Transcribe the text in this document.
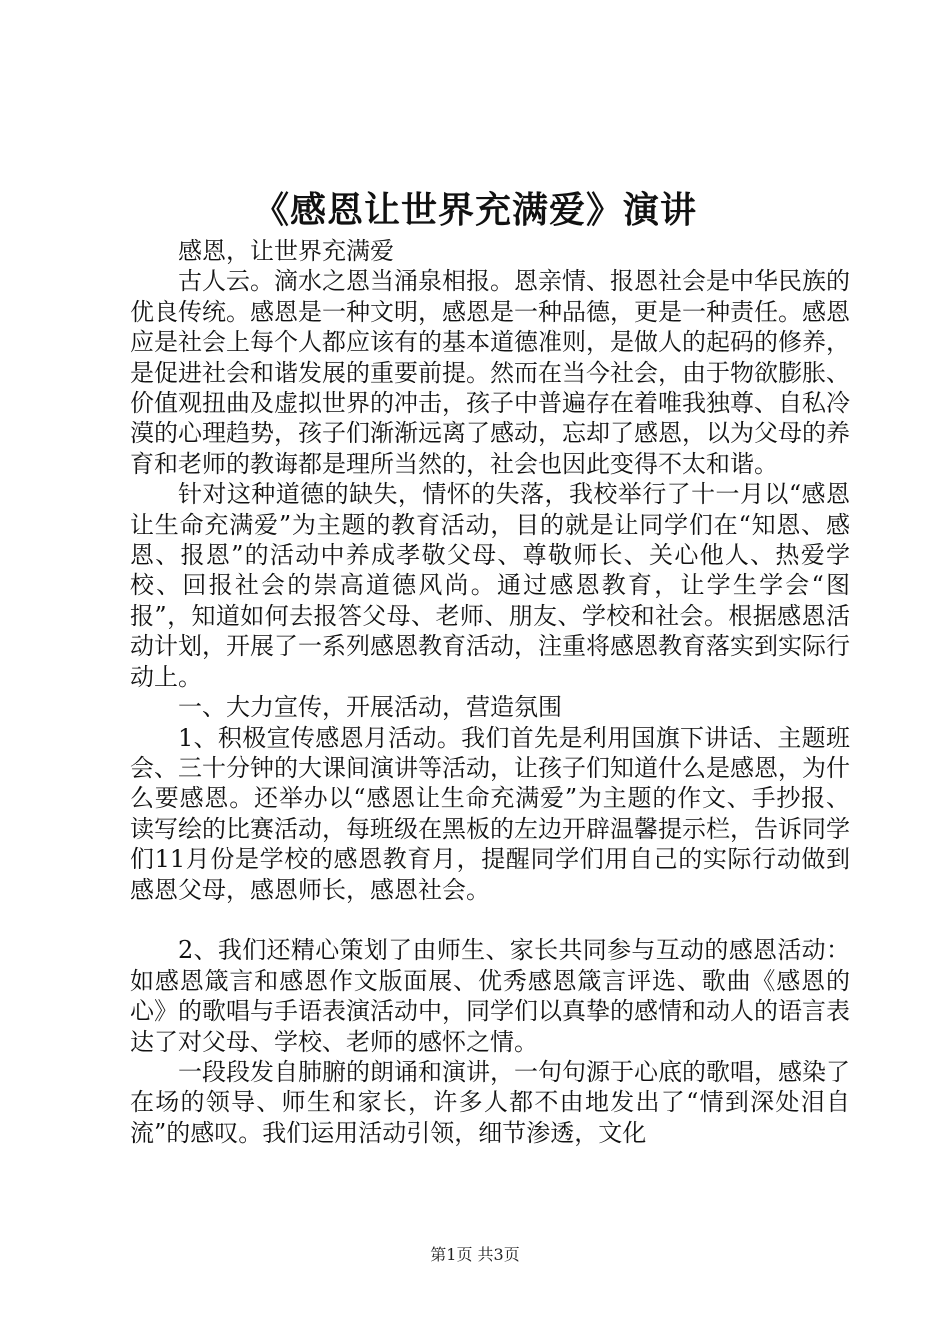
《感恩让世界充满爱》演讲

感恩，让世界充满爱

古人云。滴水之恩当涌泉相报。恩亲情、报恩社会是中华民族的优良传统。感恩是一种文明，感恩是一种品德，更是一种责任。感恩应是社会上每个人都应该有的基本道德准则，是做人的起码的修养，是促进社会和谐发展的重要前提。然而在当今社会，由于物欲膨胀、价值观扭曲及虚拟世界的冲击，孩子中普遍存在着唯我独尊、自私冷漠的心理趋势，孩子们渐渐远离了感动，忘却了感恩，以为父母的养育和老师的教诲都是理所当然的，社会也因此变得不太和谐。

针对这种道德的缺失，情怀的失落，我校举行了十一月以“感恩让生命充满爱”为主题的教育活动，目的就是让同学们在“知恩、感恩、报恩”的活动中养成孝敬父母、尊敬师长、关心他人、热爱学校、回报社会的崇高道德风尚。通过感恩教育，让学生学会“图报”，知道如何去报答父母、老师、朋友、学校和社会。根据感恩活动计划，开展了一系列感恩教育活动，注重将感恩教育落实到实际行动上。

一、大力宣传，开展活动，营造氛围

1、积极宣传感恩月活动。我们首先是利用国旗下讲话、主题班会、三十分钟的大课间演讲等活动，让孩子们知道什么是感恩，为什么要感恩。还举办以“感恩让生命充满爱”为主题的作文、手抄报、读写绘的比赛活动，每班级在黑板的左边开辟温馨提示栏，告诉同学们11月份是学校的感恩教育月，提醒同学们用自己的实际行动做到感恩父母，感恩师长，感恩社会。

2、我们还精心策划了由师生、家长共同参与互动的感恩活动：如感恩箴言和感恩作文版面展、优秀感恩箴言评选、歌曲《感恩的心》的歌唱与手语表演活动中，同学们以真挚的感情和动人的语言表达了对父母、学校、老师的感怀之情。

一段段发自肺腑的朗诵和演讲，一句句源于心底的歌唱，感染了在场的领导、师生和家长，许多人都不由地发出了“情到深处泪自流”的感叹。我们运用活动引领，细节渗透，文化

第1页 共3页
